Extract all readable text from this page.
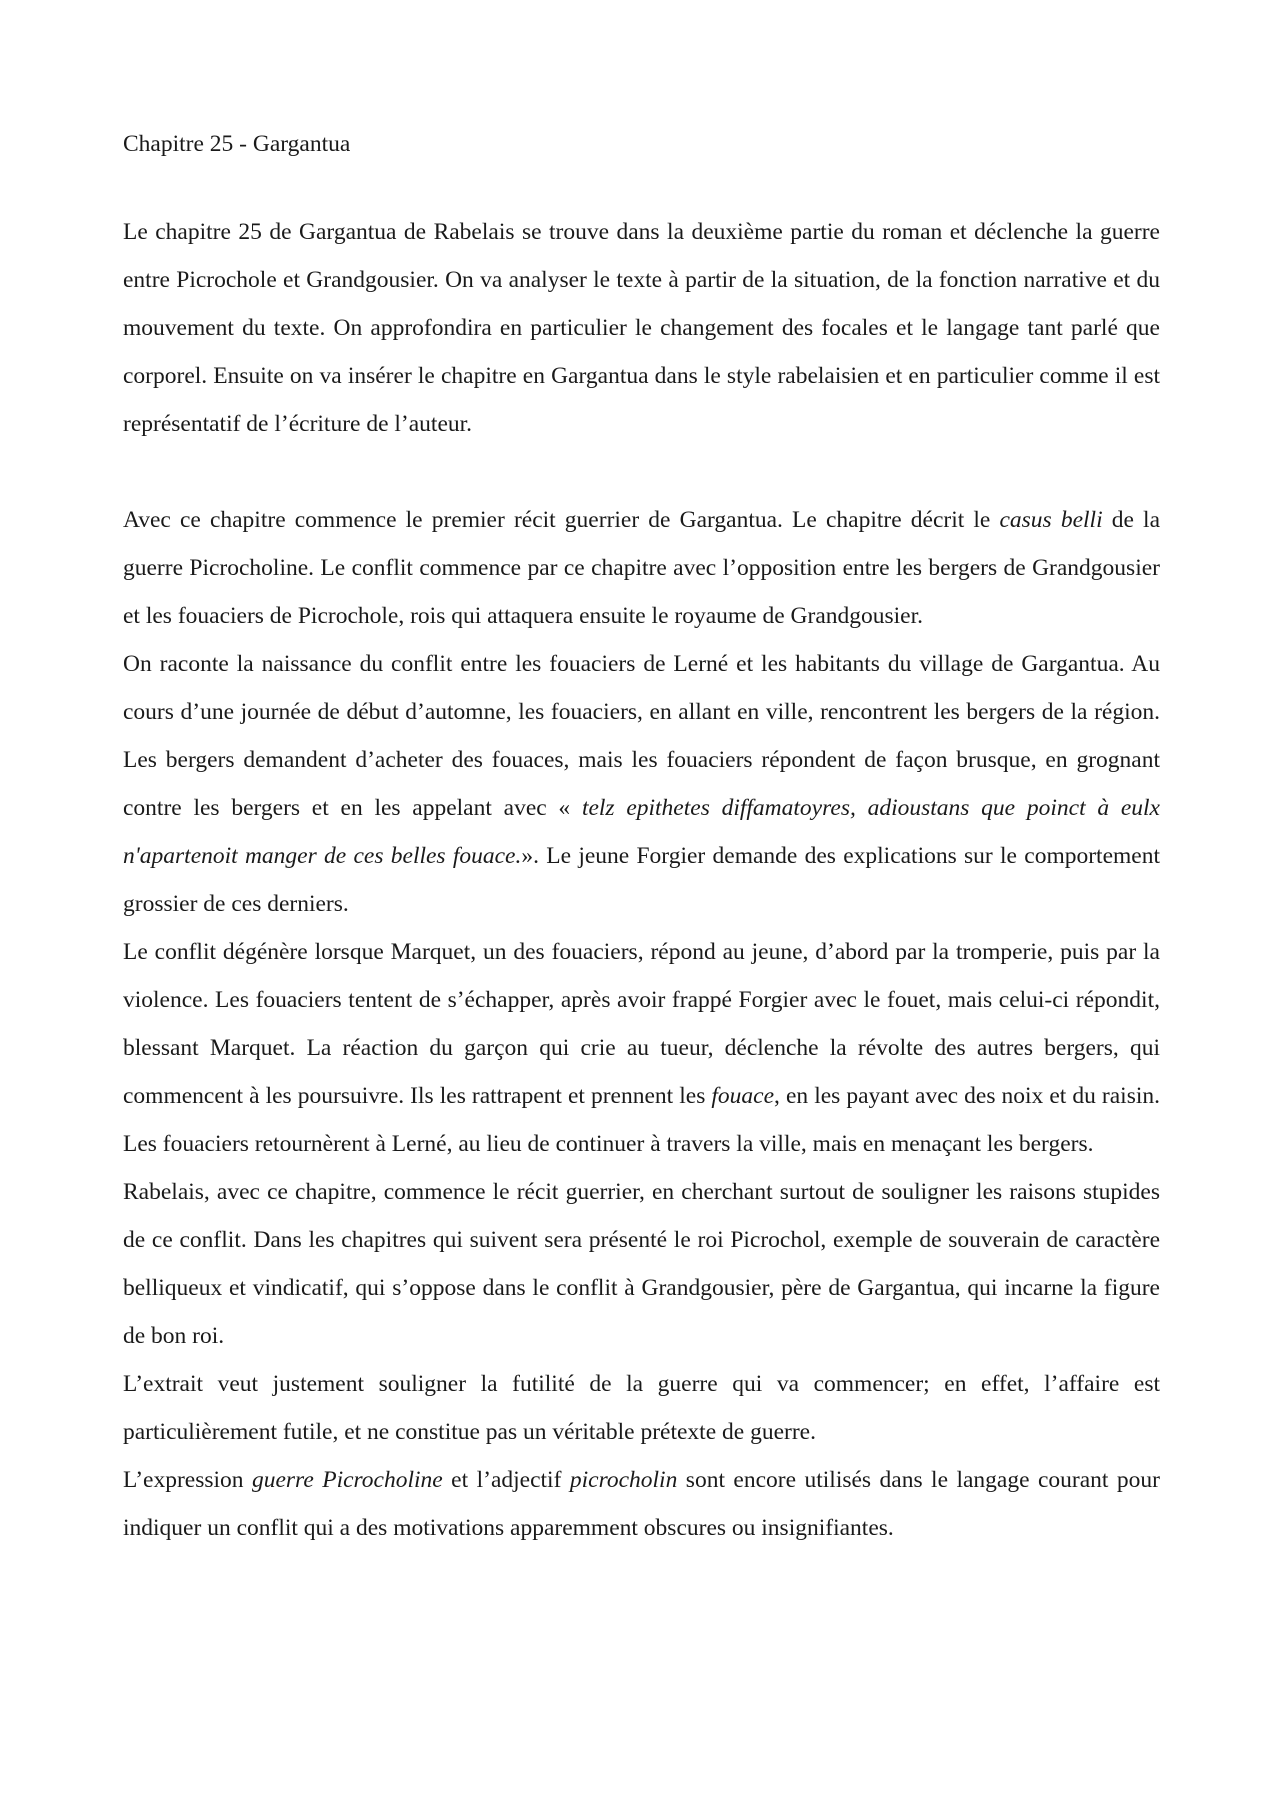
Chapitre 25 - Gargantua

Le chapitre 25 de Gargantua de Rabelais se trouve dans la deuxième partie du roman et déclenche la guerre entre Picrochole et Grandgousier. On va analyser le texte à partir de la situation, de la fonction narrative et du mouvement du texte. On approfondira en particulier le changement des focales et le langage tant parlé que corporel. Ensuite on va insérer le chapitre en Gargantua dans le style rabelaisien et en particulier comme il est représentatif de l’écriture de l’auteur.

Avec ce chapitre commence le premier récit guerrier de Gargantua. Le chapitre décrit le casus belli de la guerre Picrocholine. Le conflit commence par ce chapitre avec l’opposition entre les bergers de Grandgousier et les fouaciers de Picrochole, rois qui attaquera ensuite le royaume de Grandgousier.

On raconte la naissance du conflit entre les fouaciers de Lerné et les habitants du village de Gargantua. Au cours d’une journée de début d’automne, les fouaciers, en allant en ville, rencontrent les bergers de la région. Les bergers demandent d’acheter des fouaces, mais les fouaciers répondent de façon brusque, en grognant contre les bergers et en les appelant avec « telz epithetes diffamatoyres, adioustans que poinct à eulx n'apartenoit manger de ces belles fouace.». Le jeune Forgier demande des explications sur le comportement grossier de ces derniers.

Le conflit dégénère lorsque Marquet, un des fouaciers, répond au jeune, d’abord par la tromperie, puis par la violence. Les fouaciers tentent de s’échapper, après avoir frappé Forgier avec le fouet, mais celui-ci répondit, blessant Marquet. La réaction du garçon qui crie au tueur, déclenche la révolte des autres bergers, qui commencent à les poursuivre. Ils les rattrapent et prennent les fouace, en les payant avec des noix et du raisin. Les fouaciers retournèrent à Lerné, au lieu de continuer à travers la ville, mais en menaçant les bergers.

Rabelais, avec ce chapitre, commence le récit guerrier, en cherchant surtout de souligner les raisons stupides de ce conflit. Dans les chapitres qui suivent sera présenté le roi Picrochol, exemple de souverain de caractère belliqueux et vindicatif, qui s’oppose dans le conflit à Grandgousier, père de Gargantua, qui incarne la figure de bon roi.

L’extrait veut justement souligner la futilité de la guerre qui va commencer; en effet, l’affaire est particulièrement futile, et ne constitue pas un véritable prétexte de guerre.

L’expression guerre Picrocholine et l’adjectif picrocholin sont encore utilisés dans le langage courant pour indiquer un conflit qui a des motivations apparemment obscures ou insignifiantes.
